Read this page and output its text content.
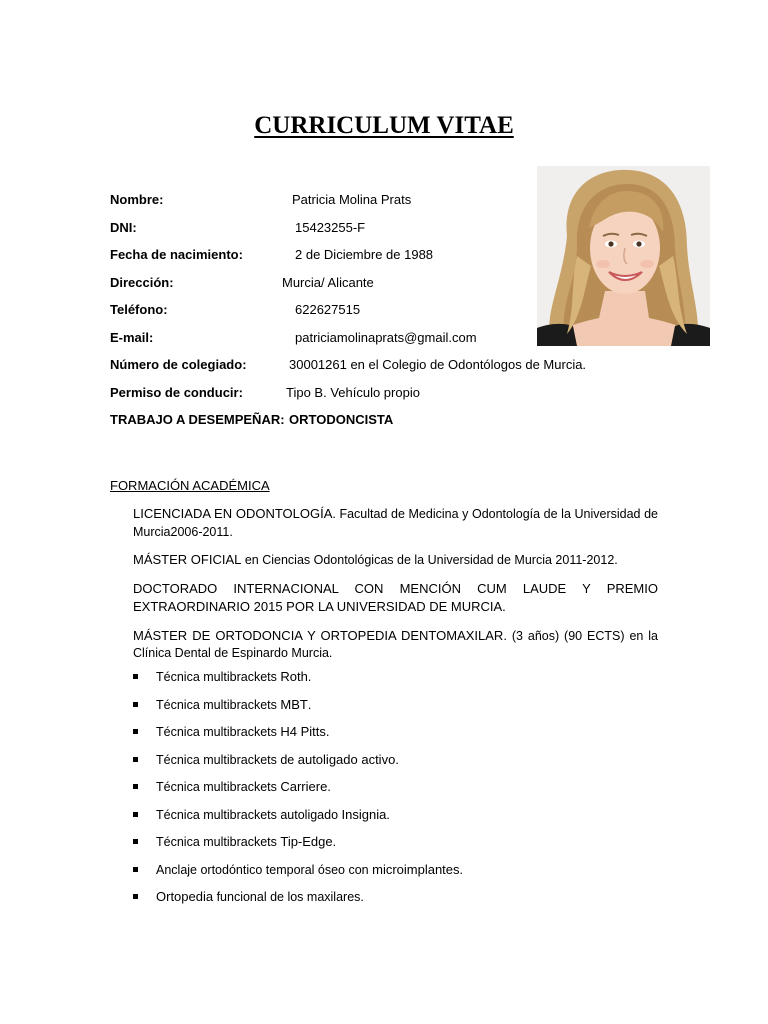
CURRICULUM VITAE
Nombre:	Patricia Molina Prats
DNI:	15423255-F
Fecha de nacimiento:	2 de Diciembre de 1988
Dirección:	Murcia/ Alicante
Teléfono:	622627515
E-mail:	patriciamolinaprats@gmail.com
Número de colegiado:	30001261 en el Colegio de Odontólogos de Murcia.
Permiso de conducir:	Tipo B. Vehículo propio
TRABAJO A DESEMPEÑAR: ORTODONCISTA
FORMACIÓN ACADÉMICA

LICENCIADA EN ODONTOLOGÍA. Facultad de Medicina y Odontología de la Universidad de Murcia2006-2011.

MÁSTER OFICIAL en Ciencias Odontológicas de la Universidad de Murcia 2011-2012.

DOCTORADO INTERNACIONAL CON MENCIÓN CUM LAUDE Y PREMIO EXTRAORDINARIO 2015 POR LA UNIVERSIDAD DE MURCIA.

MÁSTER DE ORTODONCIA Y ORTOPEDIA DENTOMAXILAR. (3 años) (90 ECTS) en la Clínica Dental de Espinardo Murcia.

Técnica multibrackets Roth.
Técnica multibrackets MBT.
Técnica multibrackets H4 Pitts.
Técnica multibrackets de autoligado activo.
Técnica multibrackets Carriere.
Técnica multibrackets autoligado Insignia.
Técnica multibrackets Tip-Edge.
Anclaje ortodóntico temporal óseo con microimplantes.
Ortopedia funcional de los maxilares.
